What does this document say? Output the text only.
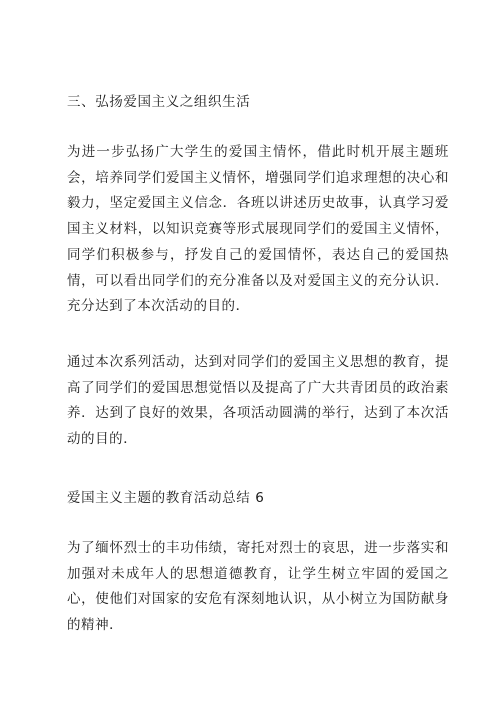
三、弘扬爱国主义之组织生活
为进一步弘扬广大学生的爱国主情怀，借此时机开展主题班会，培养同学们爱国主义情怀，增强同学们追求理想的决心和毅力，坚定爱国主义信念．各班以讲述历史故事，认真学习爱国主义材料，以知识竞赛等形式展现同学们的爱国主义情怀，同学们积极参与，抒发自己的爱国情怀，表达自己的爱国热情，可以看出同学们的充分准备以及对爱国主义的充分认识．充分达到了本次活动的目的．
通过本次系列活动，达到对同学们的爱国主义思想的教育，提高了同学们的爱国思想觉悟以及提高了广大共青团员的政治素养．达到了良好的效果，各项活动圆满的举行，达到了本次活动的目的．
爱国主义主题的教育活动总结 6
为了缅怀烈士的丰功伟绩，寄托对烈士的哀思，进一步落实和加强对未成年人的思想道德教育，让学生树立牢固的爱国之心，使他们对国家的安危有深刻地认识，从小树立为国防献身的精神．
